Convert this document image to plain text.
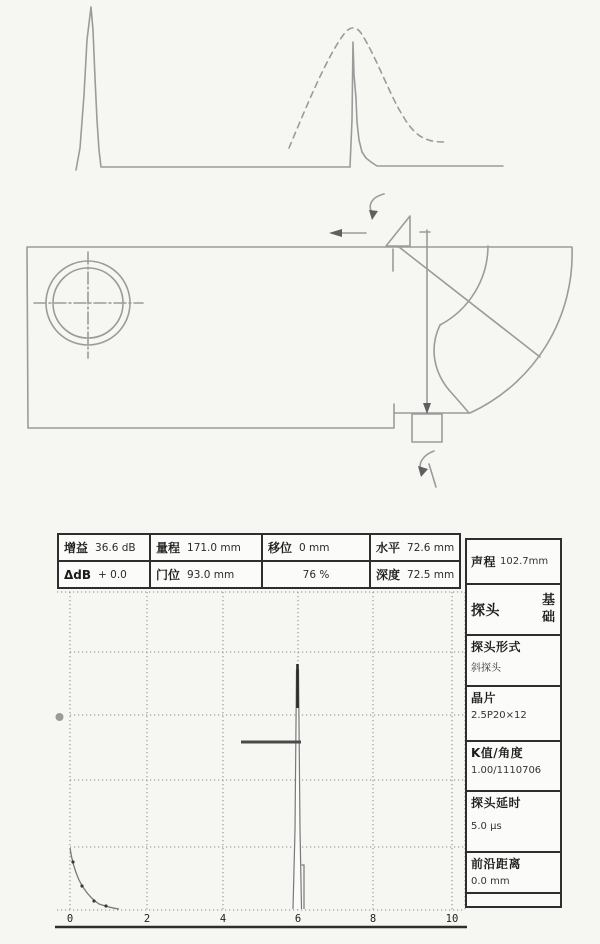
增益 36.6 dB 量程 171.0 mm 移位 0 mm	水平 72.6 mm
ΔdB + 0.0 门位 93.0 mm	76 %	深度 72.5 mm
0	2	4	6	8	10
声程 102.7mm
探头
基础
探头形式
斜探头
晶片
2.5P20×12
K值/角度
1.00/1110706
探头延时
5.0 μs
前沿距离
0.0 mm
